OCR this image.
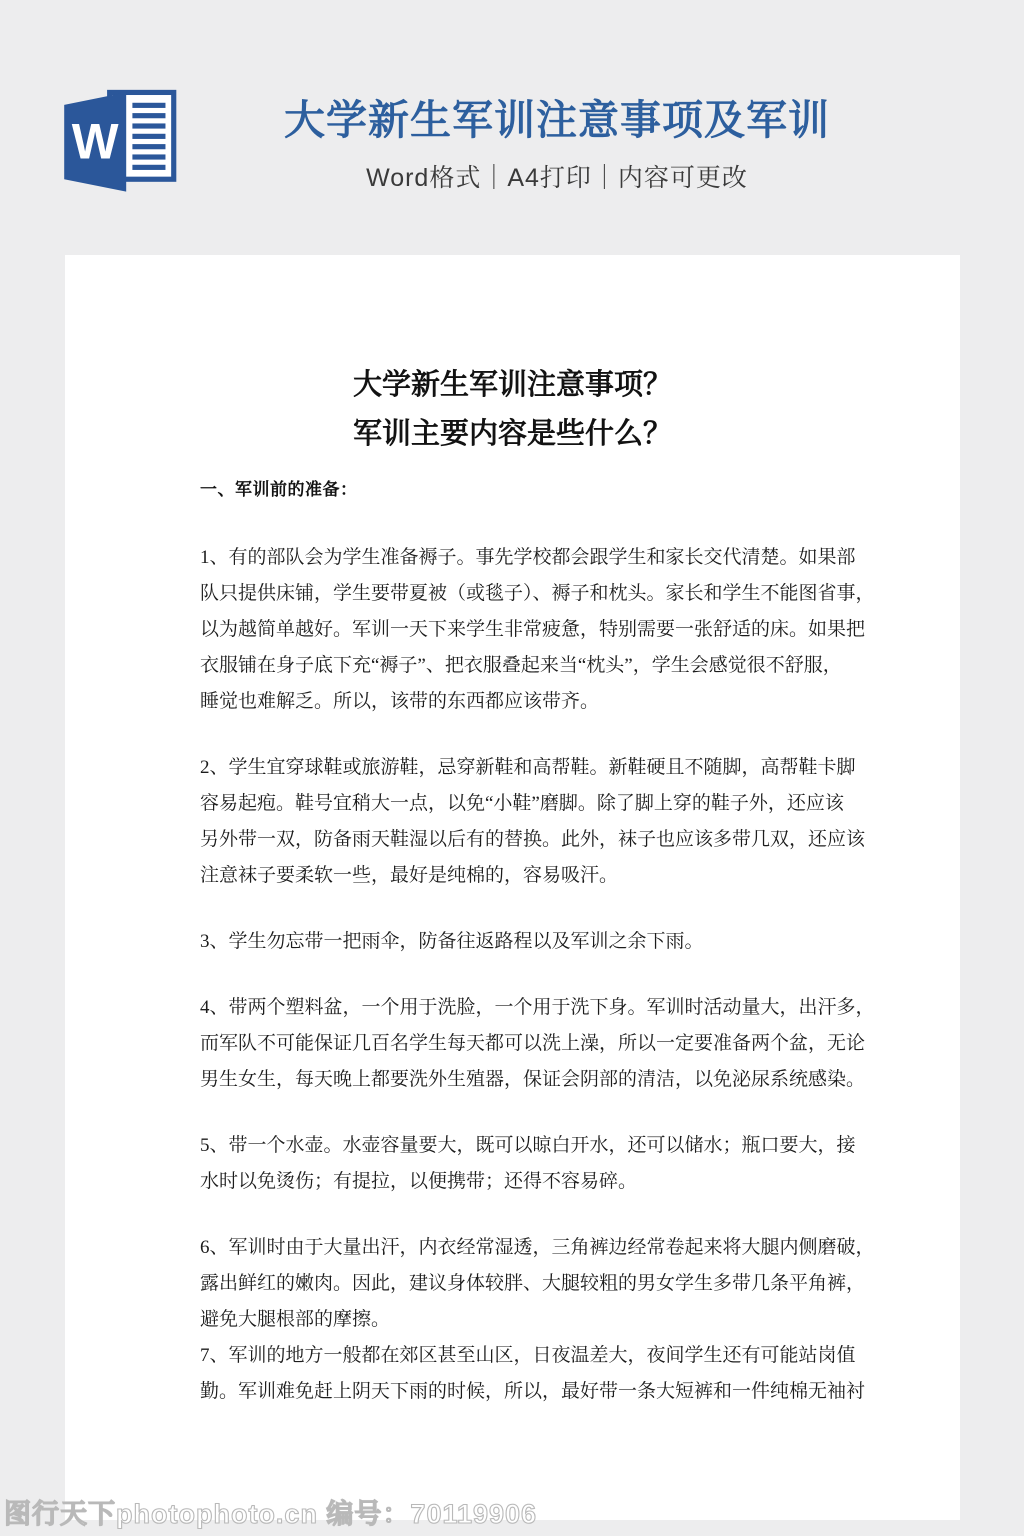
W	大学新生军训注意事项及军训
Word格式｜A4打印｜内容可更改
大学新生军训注意事项？
军训主要内容是些什么？
一、军训前的准备：
1、有的部队会为学生准备褥子。事先学校都会跟学生和家长交代清楚。如果部
队只提供床铺，学生要带夏被（或毯子）、褥子和枕头。家长和学生不能图省事，
以为越简单越好。军训一天下来学生非常疲惫，特别需要一张舒适的床。如果把
衣服铺在身子底下充“褥子”、把衣服叠起来当“枕头”，学生会感觉很不舒服，
睡觉也难解乏。所以，该带的东西都应该带齐。
2、学生宜穿球鞋或旅游鞋，忌穿新鞋和高帮鞋。新鞋硬且不随脚，高帮鞋卡脚
容易起疱。鞋号宜稍大一点，以免“小鞋”磨脚。除了脚上穿的鞋子外，还应该
另外带一双，防备雨天鞋湿以后有的替换。此外，袜子也应该多带几双，还应该
注意袜子要柔软一些，最好是纯棉的，容易吸汗。
3、学生勿忘带一把雨伞，防备往返路程以及军训之余下雨。
4、带两个塑料盆，一个用于洗脸，一个用于洗下身。军训时活动量大，出汗多，
而军队不可能保证几百名学生每天都可以洗上澡，所以一定要准备两个盆，无论
男生女生，每天晚上都要洗外生殖器，保证会阴部的清洁，以免泌尿系统感染。
5、带一个水壶。水壶容量要大，既可以晾白开水，还可以储水；瓶口要大，接
水时以免烫伤；有提拉，以便携带；还得不容易碎。
6、军训时由于大量出汗，内衣经常湿透，三角裤边经常卷起来将大腿内侧磨破，
露出鲜红的嫩肉。因此，建议身体较胖、大腿较粗的男女学生多带几条平角裤，
避免大腿根部的摩擦。
7、军训的地方一般都在郊区甚至山区，日夜温差大，夜间学生还有可能站岗值
勤。军训难免赶上阴天下雨的时候，所以，最好带一条大短裤和一件纯棉无袖衬
图行天下photophoto.cn 编号：70119906
